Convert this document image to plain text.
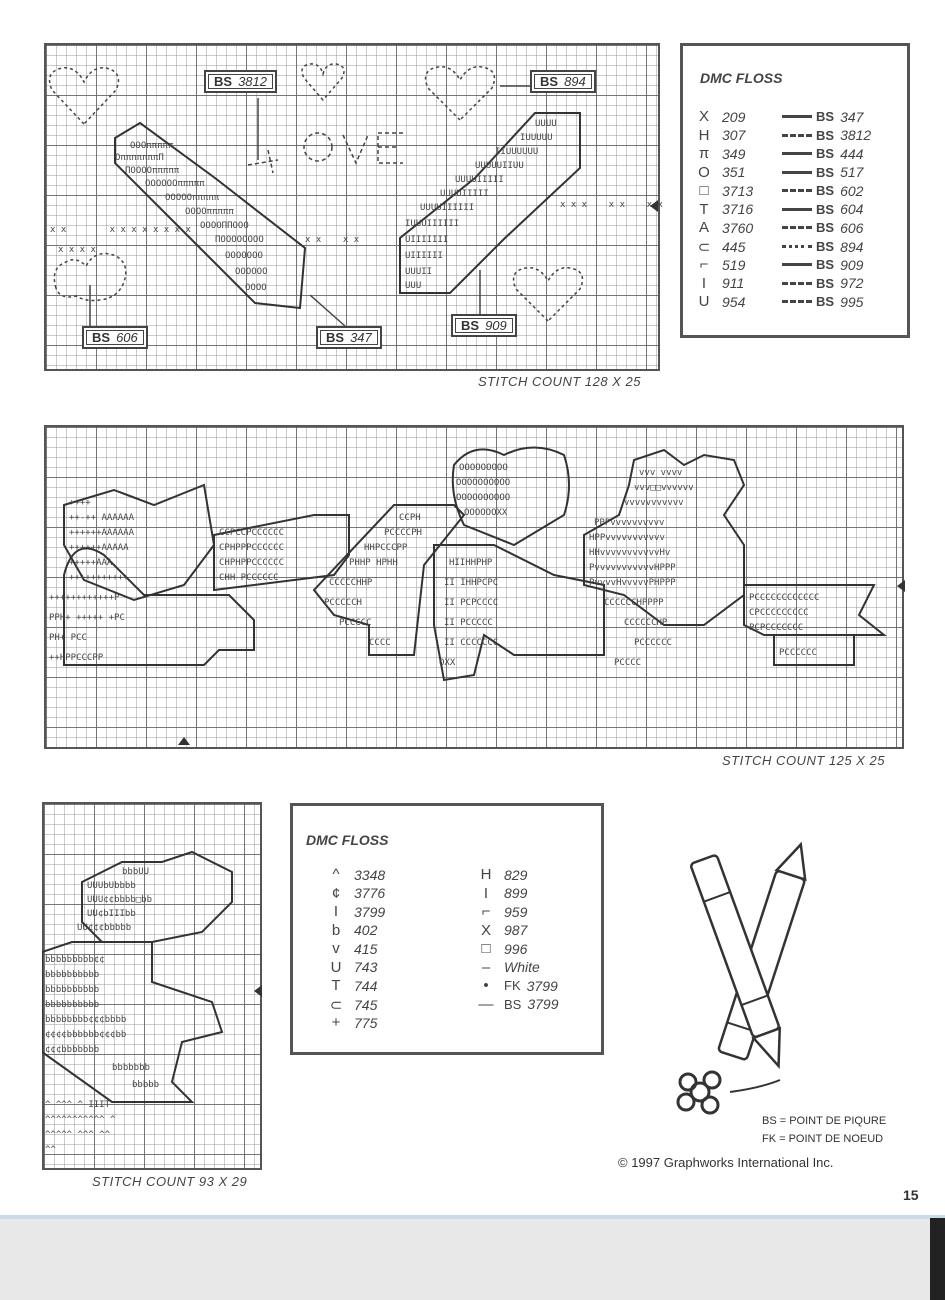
ΟΟΟπππππ
ΟπππππππΠ
ΠΟΟΟΟπππππ
ΟΟΟΟΟΟπππππ
ΟΟΟΟΟπππππ
ΟΟΟΟπππππ
ΟΟΟΟΠΠΟΟΟ
ΠΟΟΟΟΟΟΟΟ
ΟΟΟΟΟΟΟ
ΟΟΟΟΟΟ
ΟΟΟΟ
x x        x x x x x x x x
x x x x
UUUU
IUUUUU
IIUUUUUU
UUUUUIIUU
UUUUIIIII
UUUUIIIII
UUUUIIIIII
IUUUIIIIII
UIIIIIII
UIIIIII
UUUII
UUU
x x    x x
x x x    x x    x x
BS 3812	BS 894
BS 606	BS 347
BS 909
STITCH COUNT 128 X 25
DMC FLOSS
X 209	BS 347
H 307	BS 3812
π 349	BS 444
O 351	BS 517
□ 3713	BS 602
T 3716	BS 604
A 3760	BS 606
⊂ 445	BS 894
⌐ 519	BS 909
I	911	BS 972
U 954	BS 995
++++
++-++ AAAAAA
++++++AAAAAA
++++++AAAAA
+++++AAA
+++++++++++
++++++++++++P
PPH+ +++++ +PC
PH+ PCC
++HPPCCCPP
CCPCCPCCCCCC
CPHPPPCCCCCC
CHPHPPCCCCCC
CHH PCCCCCC
CCPH
PCCCCPH
HHPCCCPP
PHHP HPHH
CCCCCHHP
PCCCCCH
PCCCCC
CCCC
OOOOOOOOO
OOOOOOOOOO
OOOOOOOOOO
OOOOOOXX
HIIHHPHP
II IHHPCPC
II PCPCCCC
II PCCCCC
II CCCCCCC
OXX
vvv vvvv
vvv□□vvvvvv
vvvvvvvvvvv
PPPvvvvvvvvvv
HPPvvvvvvvvvvv
HHvvvvvvvvvvvHv
PvvvvvvvvvvvHPPP
PvvvvHvvvvvPHPPP
CCCCCCHPPPP
CCCCCCHP
PCCCCCC
PCCCC
PCCCCCCCCCCCC
CPCCCCCCCCC
PCPCCCCCCC
PCCCCCC
STITCH COUNT 125 X 25
bbbUU
UUUbUbbbb
UUU¢¢bbbb□bb
UU¢bIIIbb
UU¢¢¢bbbbb
bbbbbbbbb¢¢
bbbbbbbbbb
bbbbbbbbbb
bbbbbbbbbb
bbbbbbbb¢¢¢bbbb
¢¢¢¢bbbbbb¢¢¢bb
¢¢¢bbbbbbb
bbbbbbb
bbbbb
^ ^^^ ^ IIIT
^^^^^^^^^^^ ^
^^^^^ ^^^ ^^
^^
STITCH COUNT 93 X 29
DMC FLOSS
^	3348
¢ 3776
I	3799
b 402
v	415
U 743
T 744
⊂ 745
+ 775
H 829
I	899
⌐ 959
X 987
□ 996
– White
•	FK 3799
— BS 3799
BS = POINT DE PIQURE
FK = POINT DE NOEUD
© 1997 Graphworks International Inc.
15
